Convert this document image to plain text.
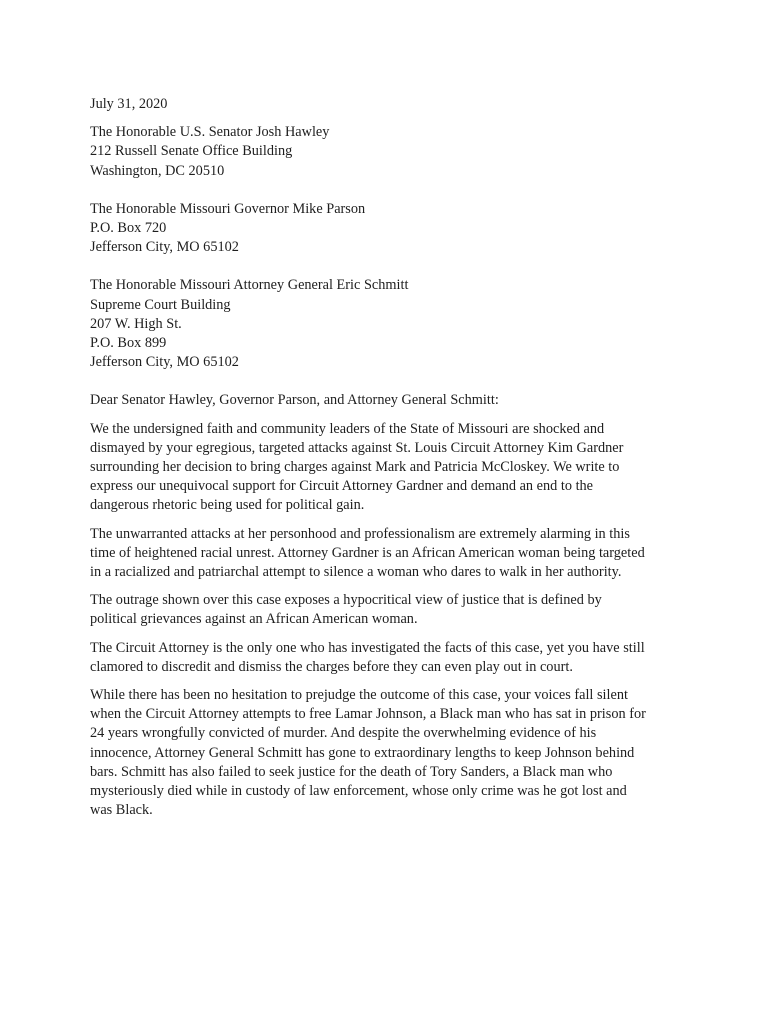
July 31, 2020
The Honorable U.S. Senator Josh Hawley
212 Russell Senate Office Building
Washington, DC 20510
The Honorable Missouri Governor Mike Parson
P.O. Box 720
Jefferson City, MO 65102
The Honorable Missouri Attorney General Eric Schmitt
Supreme Court Building
207 W. High St.
P.O. Box 899
Jefferson City, MO 65102
Dear Senator Hawley, Governor Parson, and Attorney General Schmitt:
We the undersigned faith and community leaders of the State of Missouri are shocked and
dismayed by your egregious, targeted attacks against St. Louis Circuit Attorney Kim Gardner
surrounding her decision to bring charges against Mark and Patricia McCloskey. We write to
express our unequivocal support for Circuit Attorney Gardner and demand an end to the
dangerous rhetoric being used for political gain.
The unwarranted attacks at her personhood and professionalism are extremely alarming in this
time of heightened racial unrest. Attorney Gardner is an African American woman being targeted
in a racialized and patriarchal attempt to silence a woman who dares to walk in her authority.
The outrage shown over this case exposes a hypocritical view of justice that is defined by
political grievances against an African American woman.
The Circuit Attorney is the only one who has investigated the facts of this case, yet you have still
clamored to discredit and dismiss the charges before they can even play out in court.
While there has been no hesitation to prejudge the outcome of this case, your voices fall silent
when the Circuit Attorney attempts to free Lamar Johnson, a Black man who has sat in prison for
24 years wrongfully convicted of murder. And despite the overwhelming evidence of his
innocence, Attorney General Schmitt has gone to extraordinary lengths to keep Johnson behind
bars. Schmitt has also failed to seek justice for the death of Tory Sanders, a Black man who
mysteriously died while in custody of law enforcement, whose only crime was he got lost and
was Black.
